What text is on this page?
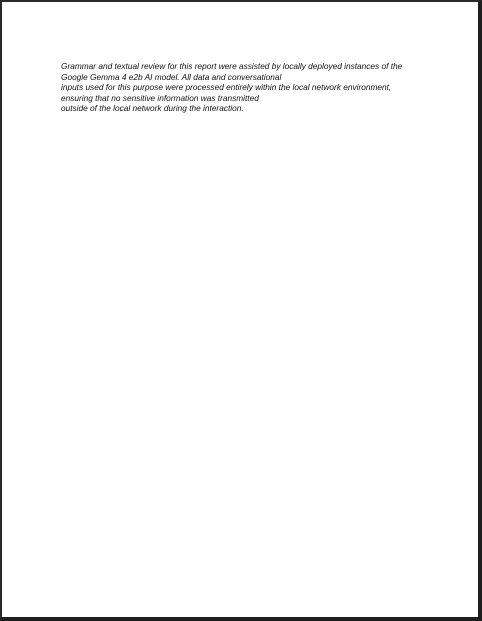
Grammar and textual review for this report were assisted by locally deployed instances of the
Google Gemma 4 e2b AI model. All data and conversational
inputs used for this purpose were processed entirely within the local network environment,
ensuring that no sensitive information was transmitted
outside of the local network during the interaction.
